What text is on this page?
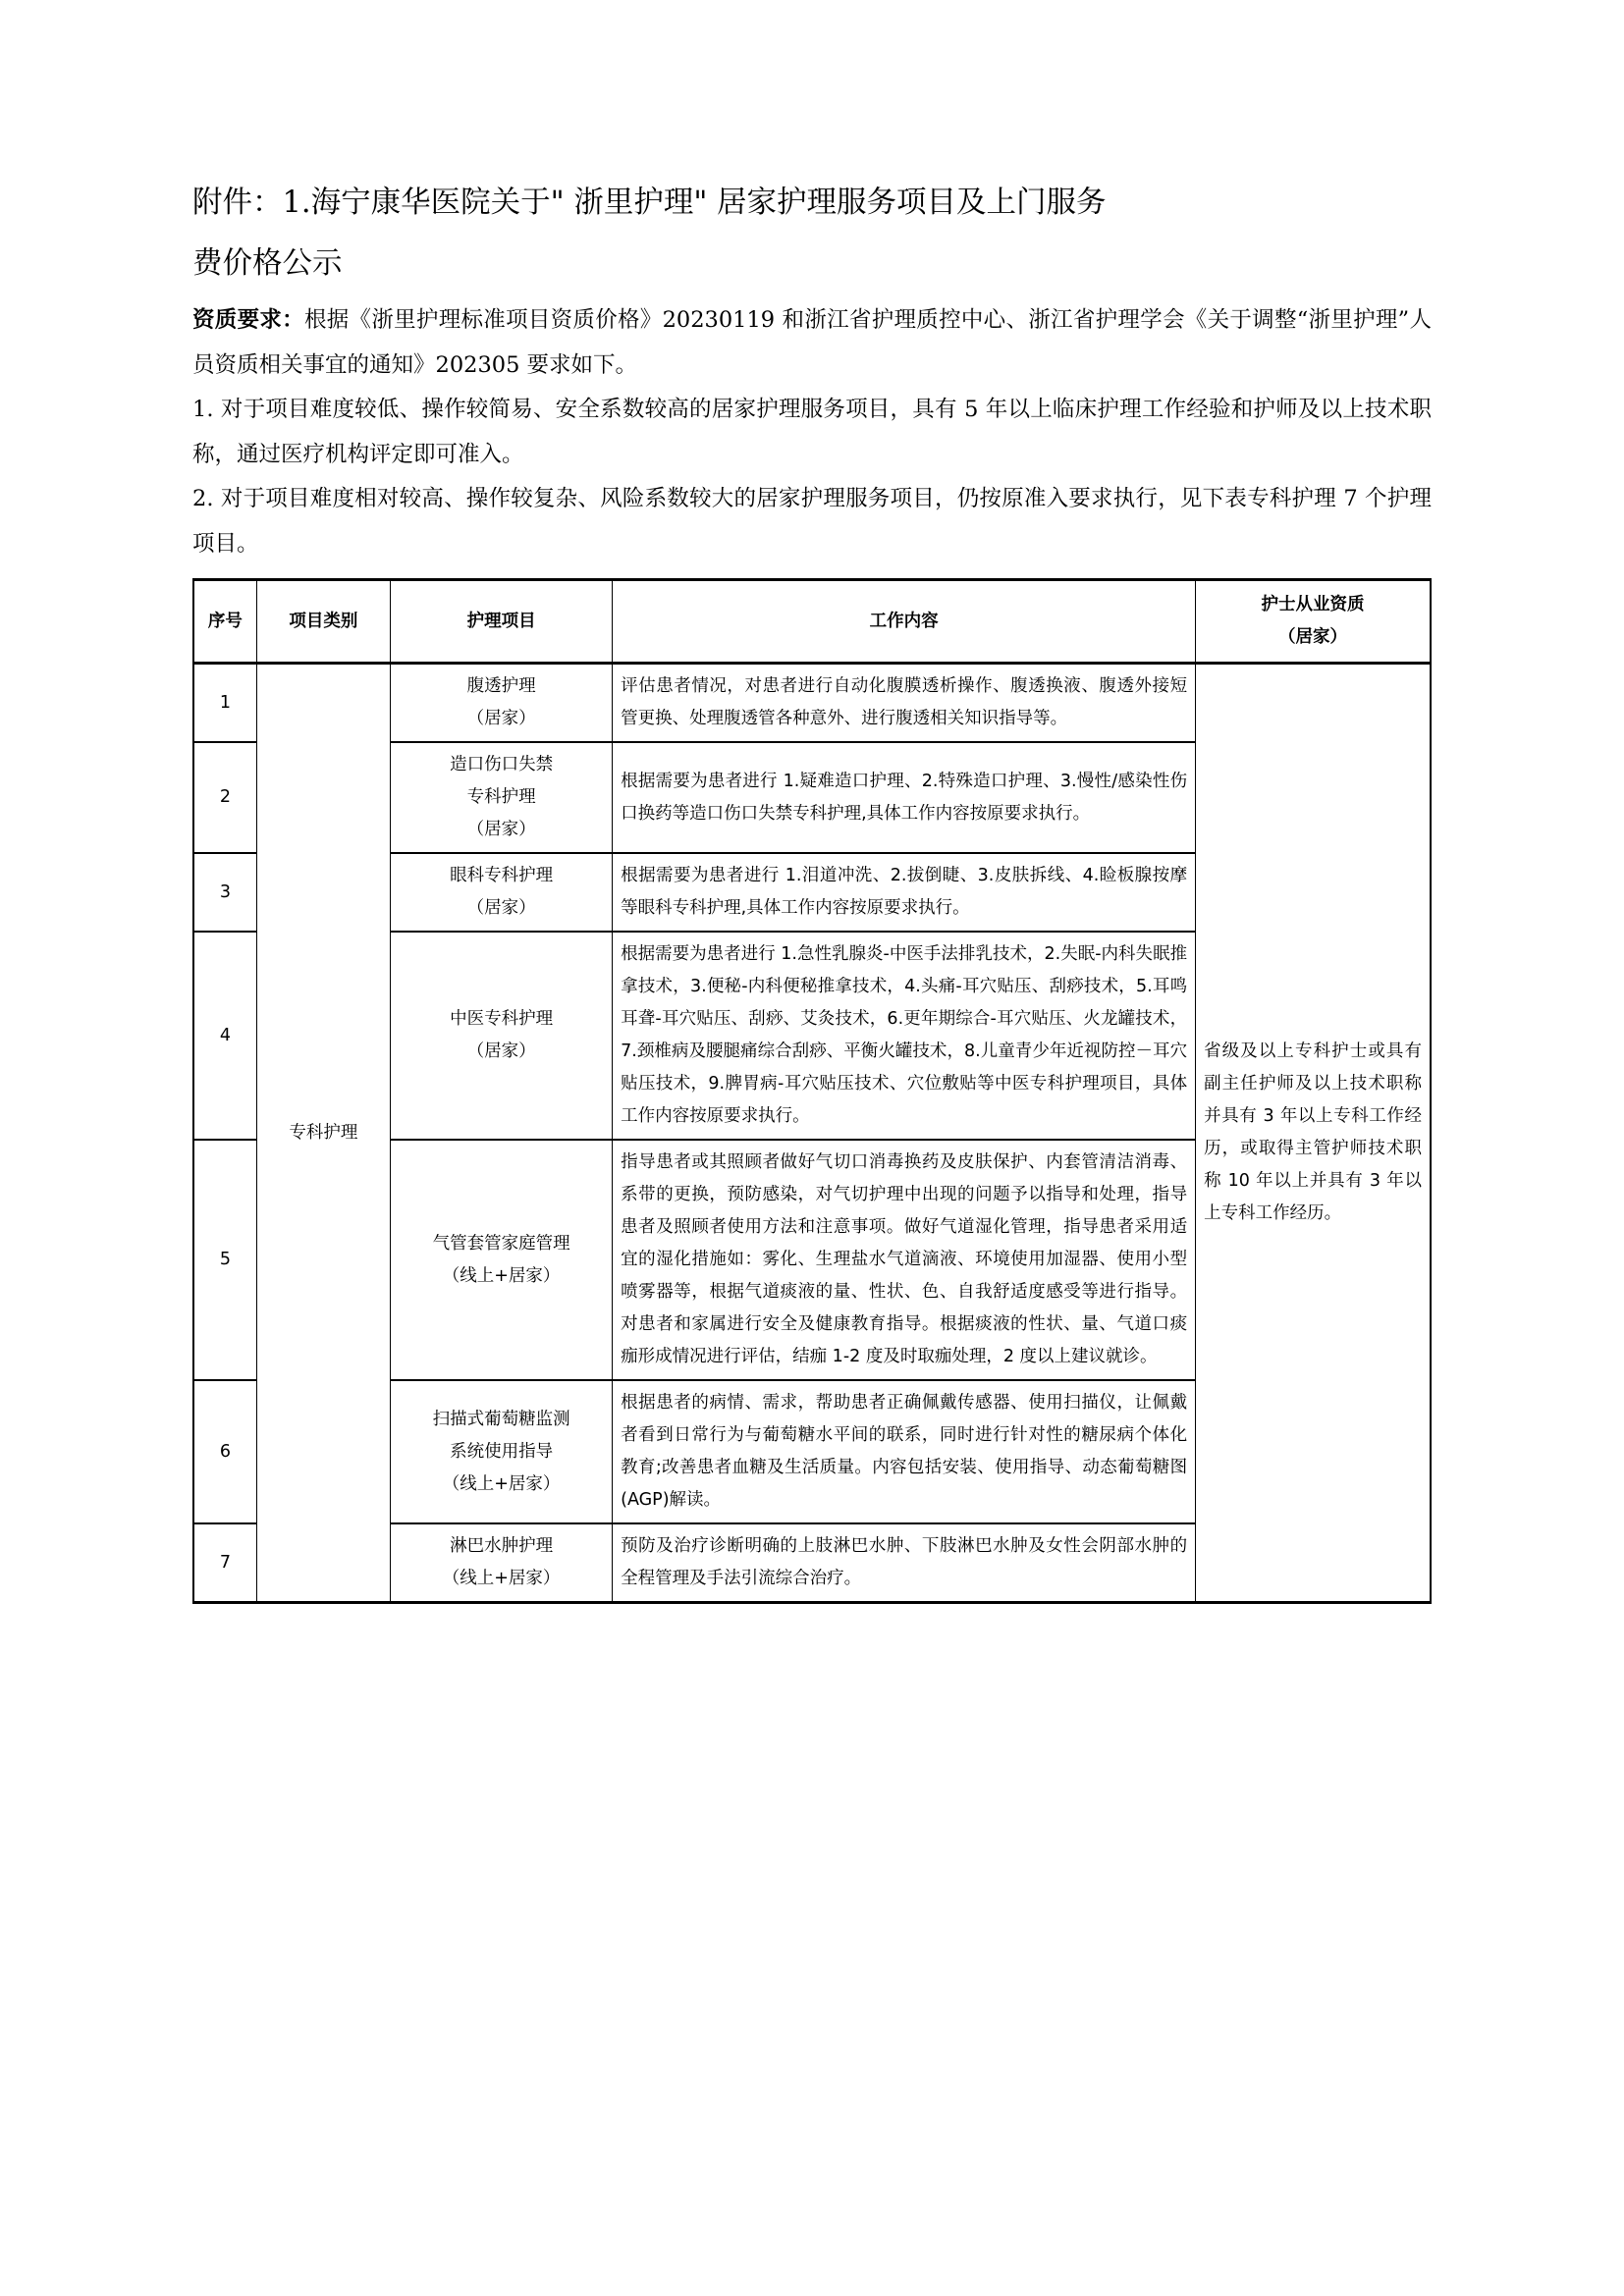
附件：1.海宁康华医院关于" 浙里护理" 居家护理服务项目及上门服务
费价格公示

资质要求：根据《浙里护理标准项目资质价格》20230119 和浙江省护理质控中心、浙江省护理学会《关于调整“浙里护理”人员资质相关事宜的通知》202305 要求如下。

1. 对于项目难度较低、操作较简易、安全系数较高的居家护理服务项目，具有 5 年以上临床护理工作经验和护师及以上技术职称，通过医疗机构评定即可准入。

2. 对于项目难度相对较高、操作较复杂、风险系数较大的居家护理服务项目，仍按原准入要求执行，见下表专科护理 7 个护理项目。

序号	项目类别	护理项目	工作内容	护士从业资质
（居家）

1	专科护理	腹透护理
（居家）	评估患者情况，对患者进行自动化腹膜透析操作、腹透换液、腹透外接短管更换、处理腹透管各种意外、进行腹透相关知识指导等。	省级及以上专科护士或具有副主任护师及以上技术职称并具有 3 年以上专科工作经历，或取得主管护师技术职称 10 年以上并具有 3 年以上专科工作经历。
2		造口伤口失禁
专科护理
（居家）	根据需要为患者进行 1.疑难造口护理、2.特殊造口护理、3.慢性/感染性伤口换药等造口伤口失禁专科护理,具体工作内容按原要求执行。	
3		眼科专科护理
（居家）	根据需要为患者进行 1.泪道冲洗、2.拔倒睫、3.皮肤拆线、4.睑板腺按摩等眼科专科护理,具体工作内容按原要求执行。	
4		中医专科护理
（居家）	根据需要为患者进行 1.急性乳腺炎-中医手法排乳技术，2.失眠-内科失眠推拿技术，3.便秘-内科便秘推拿技术，4.头痛-耳穴贴压、刮痧技术，5.耳鸣耳聋-耳穴贴压、刮痧、艾灸技术，6.更年期综合-耳穴贴压、火龙罐技术，7.颈椎病及腰腿痛综合刮痧、平衡火罐技术，8.儿童青少年近视防控－耳穴贴压技术，9.脾胃病-耳穴贴压技术、穴位敷贴等中医专科护理项目，具体工作内容按原要求执行。	
5		气管套管家庭管理
（线上+居家）	指导患者或其照顾者做好气切口消毒换药及皮肤保护、内套管清洁消毒、系带的更换，预防感染，对气切护理中出现的问题予以指导和处理，指导患者及照顾者使用方法和注意事项。做好气道湿化管理，指导患者采用适宜的湿化措施如：雾化、生理盐水气道滴液、环境使用加湿器、使用小型喷雾器等，根据气道痰液的量、性状、色、自我舒适度感受等进行指导。对患者和家属进行安全及健康教育指导。根据痰液的性状、量、气道口痰痂形成情况进行评估，结痂 1-2 度及时取痂处理，2 度以上建议就诊。	
6		扫描式葡萄糖监测
系统使用指导
（线上+居家）	根据患者的病情、需求，帮助患者正确佩戴传感器、使用扫描仪，让佩戴者看到日常行为与葡萄糖水平间的联系，同时进行针对性的糖尿病个体化教育;改善患者血糖及生活质量。内容包括安装、使用指导、动态葡萄糖图(AGP)解读。	
7		淋巴水肿护理
（线上+居家）	预防及治疗诊断明确的上肢淋巴水肿、下肢淋巴水肿及女性会阴部水肿的全程管理及手法引流综合治疗。	
